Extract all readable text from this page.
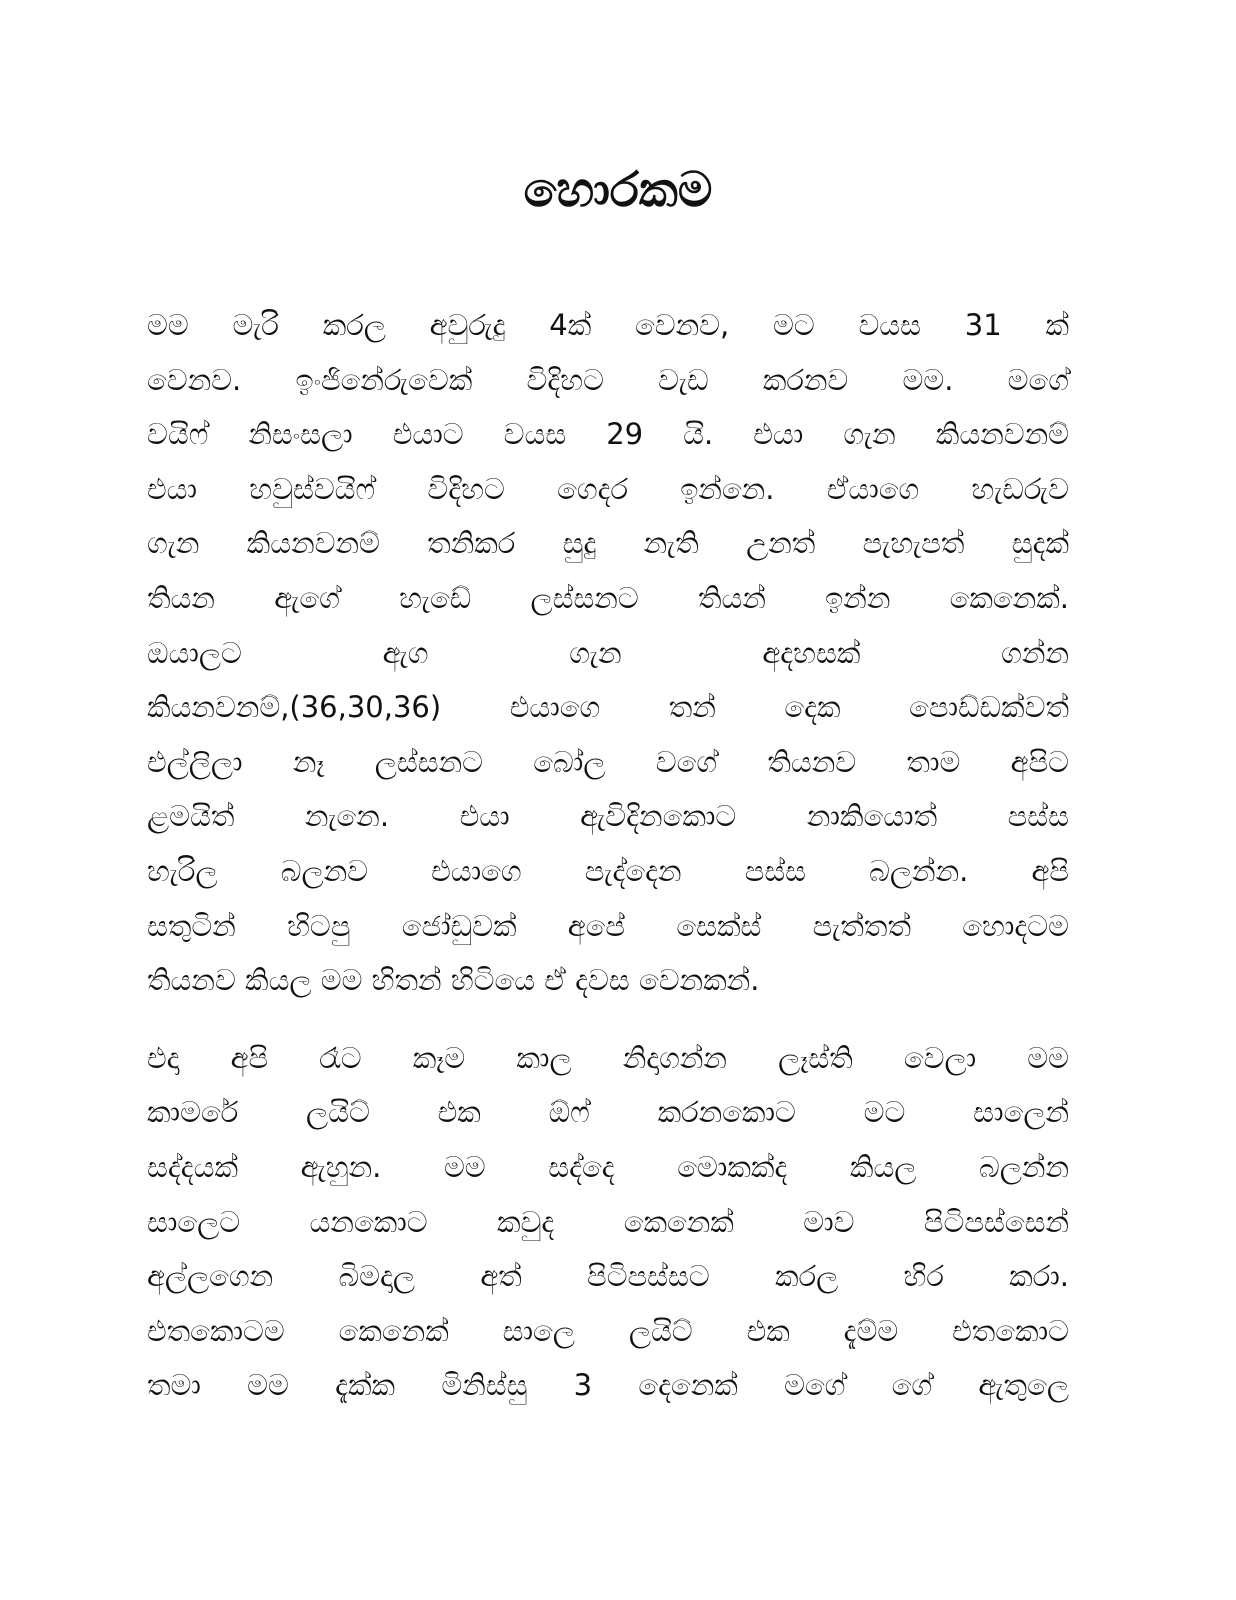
හොරකම

මම මැරි කරල අවුරුදු 4ක් වෙනව, මට වයස 31 ක්
වෙනව. ඉංජිනේරුවෙක් විදිහට වැඩ කරනව මම. මගේ
වයිෆ් නිසංසලා එයාට වයස 29 යි. එයා ගැන කියනවනම්
එයා හවුස්වයිෆ් විදිහට ගෙදර ඉන්නෙ. ඒයාගෙ හැඩරුව
ගැන කියනවනම් තනිකර සුදු නැති උනත් පැහැපත් සුදක්
තියන ඇගේ හැඩේ ලස්සනට තියන් ඉන්න කෙනෙක්.
ඔයාලට ඇග ගැන අදහසක් ගන්න
කියනවනම්,(36,30,36) එයාගෙ තන් දෙක පොඩ්ඩක්වත්
එල්ලිලා නෑ ලස්සනට බෝල වගේ තියනව තාම අපිට
ළමයිත් නැනෙ. එයා ඇවිදිනකොට නාකියොත් පස්ස
හැරිල බලනව එයාගෙ පැද්දෙන පස්ස බලන්න. අපි
සතුටින් හිටපු ජෝඩුවක් අපේ සෙක්ස් පැත්තත් හොදටම
තියනව කියල මම හිතන් හිටියෙ ඒ දවස වෙනකන්.

එදා අපි රෑට කෑම කාල නිදාගන්න ලෑස්ති වෙලා මම
කාමරේ ලයිට් එක ඕෆ් කරනකොට මට සාලෙන්
සද්දයක් ඇහුන. මම සද්දෙ මොකක්ද කියල බලන්න
සාලෙට යනකොට කවුද කෙනෙක් මාව පිටිපස්සෙන්
අල්ලගෙන බිමදාල අත් පිටිපස්සට කරල හිර කරා.
එතකොටම කෙනෙක් සාලෙ ලයිට් එක දැම්ම එතකොට
තමා මම දැක්ක මිනිස්සු 3 දෙනෙක් මගේ ගේ ඇතුලෙ
